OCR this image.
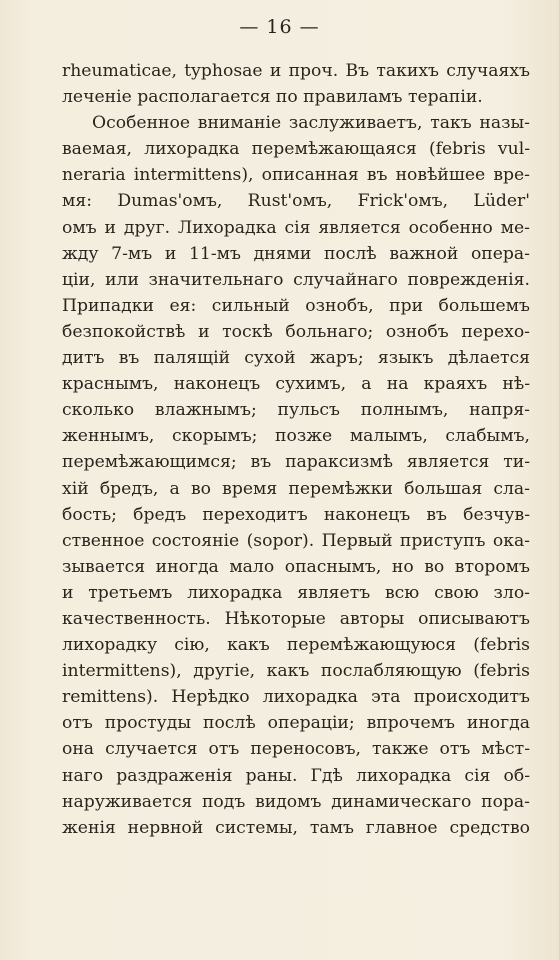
— 16 —
rheumaticae, typhosae и проч. Въ такихъ случаяхъ
леченіе располагается по правиламъ терапіи.
Особенное вниманіе заслуживаетъ, такъ назы-
ваемая, лихорадка перемѣжающаяся (febris vul-
neraria intermittens), описанная въ новѣйшее вре-
мя: Dumas'омъ, Rust'омъ, Frick'омъ, Lüder'
омъ и друг. Лихорадка сія является особенно ме-
жду 7-мъ и 11-мъ днями послѣ важной опера-
ціи, или значительнаго случайнаго поврежденія.
Припадки ея: сильный ознобъ, при большемъ
безпокойствѣ и тоскѣ больнаго; ознобъ перехо-
дитъ въ палящій сухой жаръ; языкъ дѣлается
краснымъ, наконецъ сухимъ, а на краяхъ нѣ-
сколько влажнымъ; пульсъ полнымъ, напря-
женнымъ, скорымъ; позже малымъ, слабымъ,
перемѣжающимся; въ параксизмѣ является ти-
хій бредъ, а во время перемѣжки большая сла-
бость; бредъ переходитъ наконецъ въ безчув-
ственное состояніе (sopor). Первый приступъ ока-
зывается иногда мало опаснымъ, но во второмъ
и третьемъ лихорадка являетъ всю свою зло-
качественность. Нѣкоторые авторы описываютъ
лихорадку сію, какъ перемѣжающуюся (febris
intermittens), другіе, какъ послабляющую (febris
remittens). Нерѣдко лихорадка эта происходитъ
отъ простуды послѣ операціи; впрочемъ иногда
она случается отъ переносовъ, также отъ мѣст-
наго раздраженія раны. Гдѣ лихорадка сія об-
наруживается подъ видомъ динамическаго пора-
женія нервной системы, тамъ главное средство
